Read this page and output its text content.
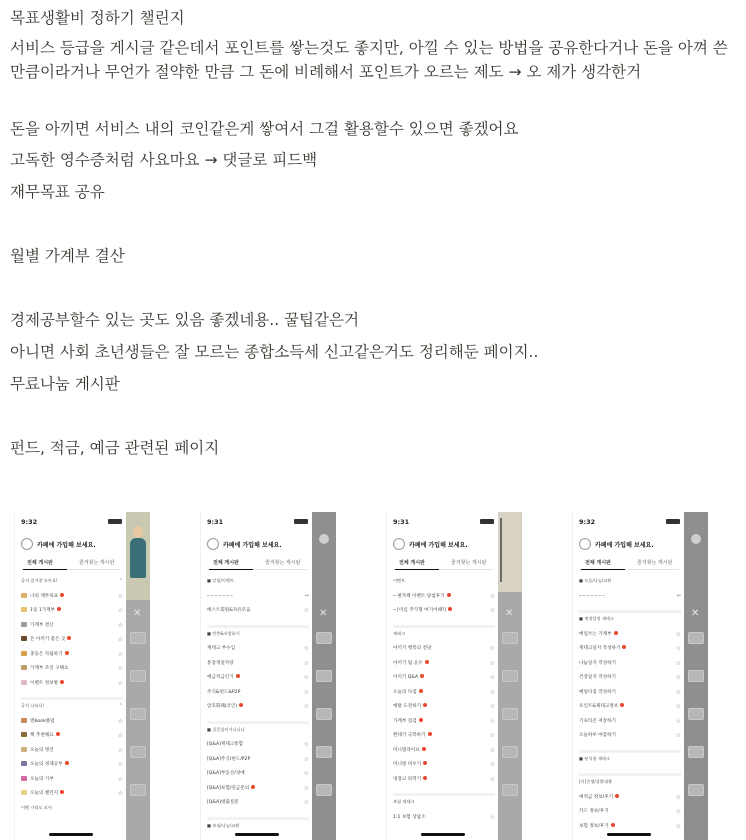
목표생활비 정하기 챌린지
서비스 등급을 게시글 같은데서 포인트를 쌓는것도 좋지만, 아낄 수 있는 방법을 공유한다거나 돈을 아껴 쓴 만큼이라거나 무언가 절약한 만큼 그 돈에 비례해서 포인트가 오르는 제도 → 오 제가 생각한거
돈을 아끼면 서비스 내의 코인같은게 쌓여서 그걸 활용할수 있으면 좋겠어요
고독한 영수증처럼 사요마요 → 댓글로 피드백
재무목표 공유
월별 가계부 결산
경제공부할수 있는 곳도 있음 좋겠네용.. 꿀팁같은거
아니면 사회 초년생들은 잘 모르는 종합소득세 신고같은거도 정리해둔 페이지..
무료나눔 게시판
펀드, 적금, 예금 관련된 페이지
9:32
카페에 가입해 보세요.
전체 게시판	즐겨찾는 게시판
공지 즐겨찾 모아요!	⌃
나의 재무목표	☆
1일 1가계부	☆
가계부 결산	☆
돈 아끼기 좋은 곳	☆
충동은 자림하기	☆
가계부 조언 구해요	☆
이벤트 정보방	☆
공지 나눠요!	⌃
엔book클럽	☆
책 추천해요	☆
오늘의 명언	☆
오늘의 경제공부	☆
오늘의 기부	☆
오늘의 챌린지	☆
이벤 가리도 모이
✕
9:31
카페에 가입해 보세요.
전체 게시판	즐겨찾는 게시판
■ 알림/이벤트
─ ─ ─ ─ ─ ─ ─	↔
베스트회원&자유모음	☆
■ 던충&자랑하기
재테크 부수입	☆
통장개설자랑	☆
예금적금인기	☆
주식&펀드&P2P	☆
암호화폐(코인)	☆
■ 질문있어거나나나
[Q&A]재테크통합	☆
[Q&A]주식/펀드/P2P	☆
[Q&A]부동산/경매	☆
[Q&A]보험/연금문의	☆
[Q&A]대출질문	☆
■ 보험/나눔/교환
✕
9:31
카페에 가입해 보세요.
전체 게시판	즐겨찾는 게시판
이벤트
─ 편카페 이벤트 당첨후기	☆
─ [이름 추가형 여기어때?]	☆
재테크
아끼기 행복의 전당	☆
아끼기 팁 공유	☆
아끼기 Q&A	☆
오늘의 다짐	☆
예탈 도전하기	☆
가계부 점검	☆
짠테기 극복하기	☆
미니멀라이프	☆
미니멀 비우기	☆
냉장고 파먹기	☆
보험 재테크
1:1 보험 상담소	☆
✕
9:32
카페에 가입해 보세요.
전체 게시판	즐겨찾는 게시판
■ 모음/나눔/교환
─ ─ ─ ─ ─ ─ ─	↔
■ 재정설정 재테크
매일쓰는 가계부	☆
재테크일지 작성하기	☆
나눔일지 작성하기	☆
건강일지 작성하기	☆
매일다짐 작성하기	☆
포인트&제테크정보	☆
기프티콘 저장하기	☆
오늘하루 마감하기	☆
■ 분석형 재테크
[이]은행/상환대출
예적금 정보/후기	☆
카드 정보/후기	☆
보험 정보/후기	☆
✕
